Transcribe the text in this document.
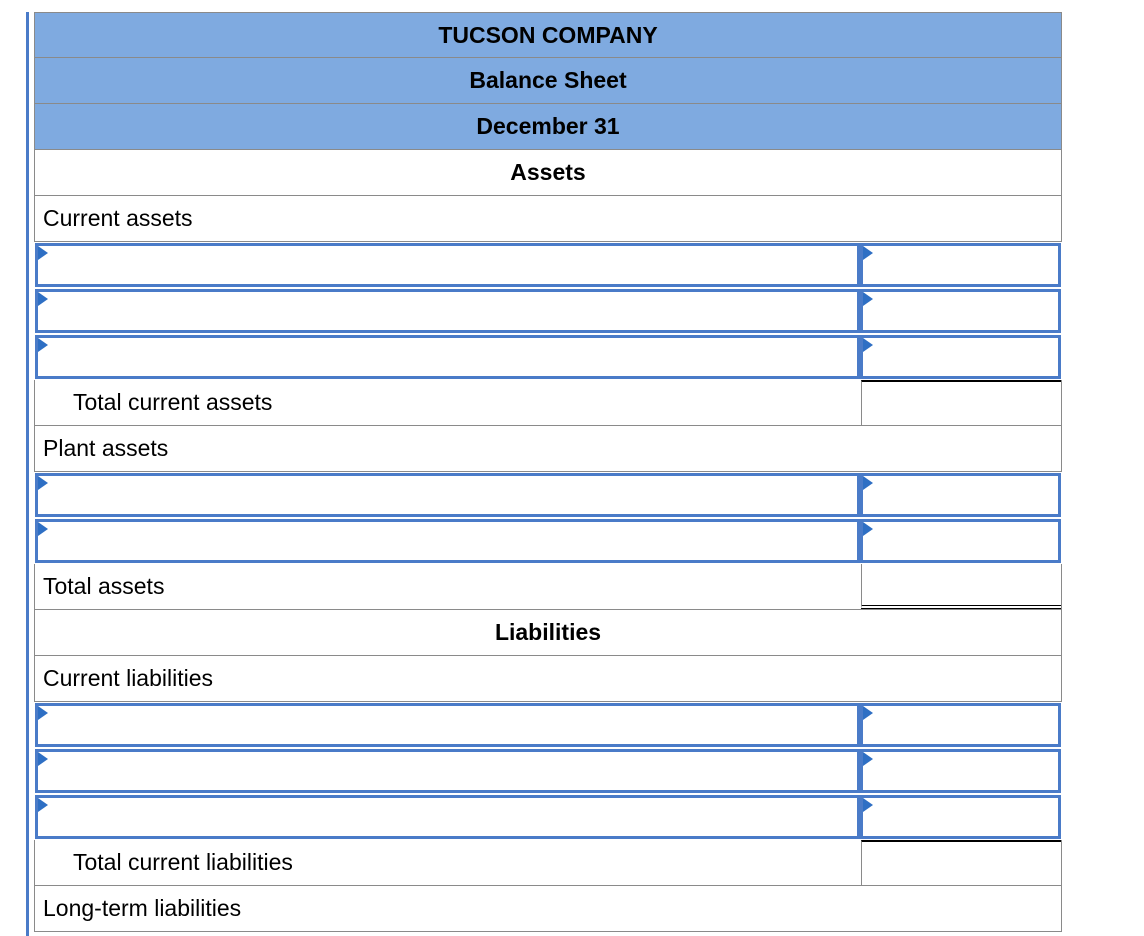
TUCSON COMPANY
Balance Sheet
December 31
Assets
Current assets
Total current assets
Plant assets
Total assets
Liabilities
Current liabilities
Total current liabilities
Long-term liabilities
